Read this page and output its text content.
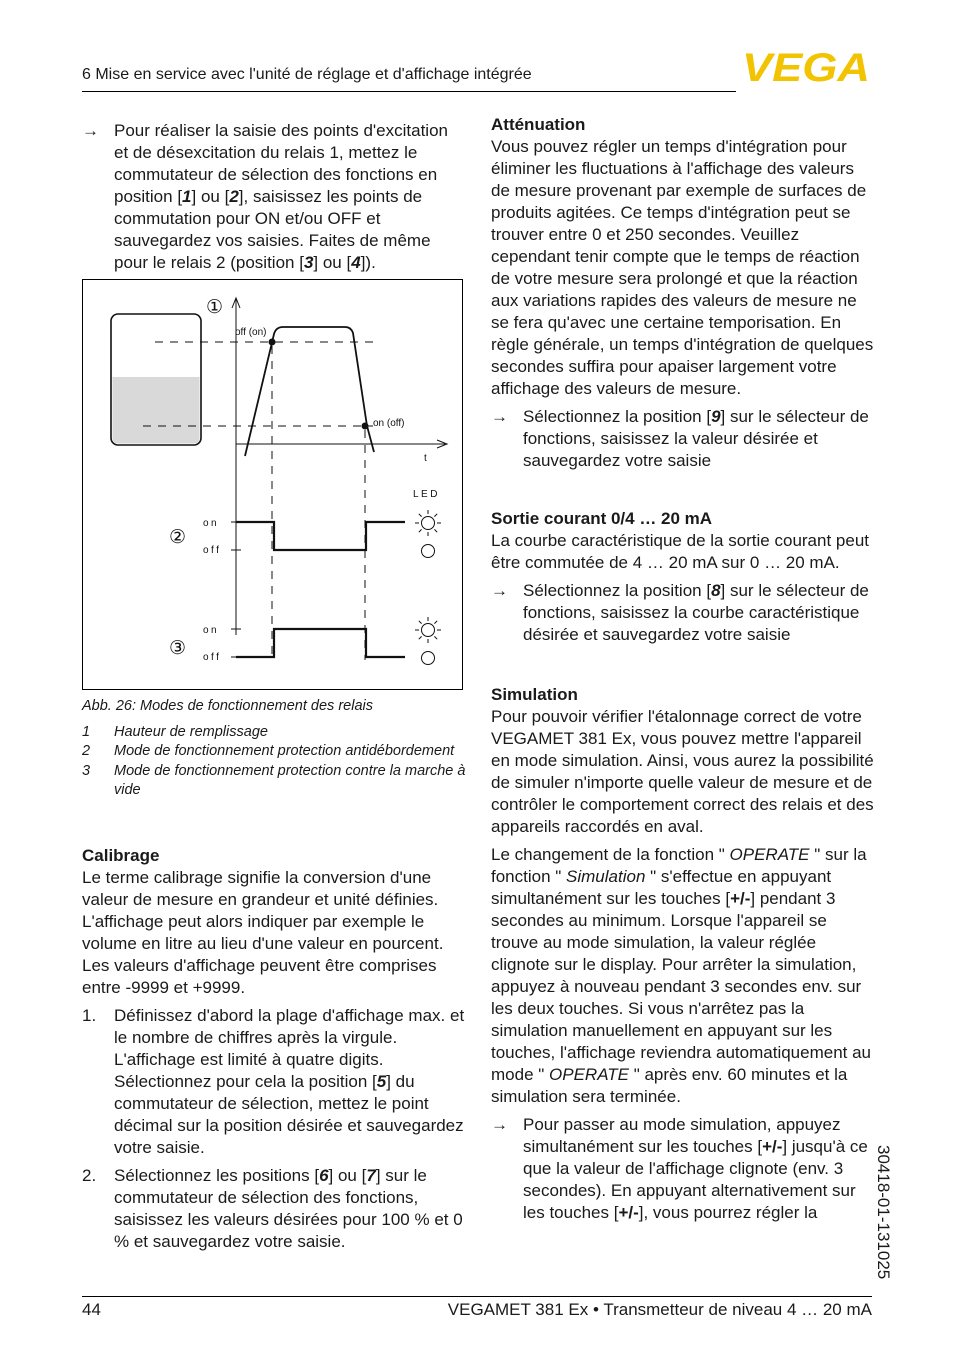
6 Mise en service avec l'unité de réglage et d'affichage intégrée	VEGA
→ Pour réaliser la saisie des points d'excitation et de désexcitation du relais 1, mettez le commutateur de sélection des fonctions en position [1] ou [2], saisissez les points de commutation pour ON et/ou OFF et sauvegardez vos saisies. Faites de même pour le relais 2 (position [3] ou [4]).
t
off (on)
on (off)
①
②
③
LED
on
off
on
off

Abb. 26: Modes de fonctionnement des relais

1 Hauteur de remplissage
2 Mode de fonctionnement protection antidébordement
3 Mode de fonctionnement protection contre la marche à vide

Calibrage

Le terme calibrage signifie la conversion d'une valeur de mesure en grandeur et unité définies. L'affichage peut alors indiquer par exemple le volume en litre au lieu d'une valeur en pourcent. Les valeurs d'affichage peuvent être comprises entre -9999 et +9999.

1. Définissez d'abord la plage d'affichage max. et le nombre de chiffres après la virgule. L'affichage est limité à quatre digits. Sélectionnez pour cela la position [5] du commutateur de sélection, mettez le point décimal sur la position désirée et sauvegardez votre saisie.
2. Sélectionnez les positions [6] ou [7] sur le commutateur de sélection des fonctions, saisissez les valeurs désirées pour 100 % et 0 % et sauvegardez votre saisie.

Atténuation

Vous pouvez régler un temps d'intégration pour éliminer les fluctuations à l'affichage des valeurs de mesure provenant par exemple de surfaces de produits agitées. Ce temps d'intégration peut se trouver entre 0 et 250 secondes. Veuillez cependant tenir compte que le temps de réaction de votre mesure sera prolongé et que la réaction aux variations rapides des valeurs de mesure ne se fera qu'avec une certaine temporisation. En règle générale, un temps d'intégration de quelques secondes suffira pour apaiser largement votre affichage des valeurs de mesure.

→ Sélectionnez la position [9] sur le sélecteur de fonctions, saisissez la valeur désirée et sauvegardez votre saisie

Sortie courant 0/4 … 20 mA

La courbe caractéristique de la sortie courant peut être commutée de 4 … 20 mA sur 0 … 20 mA.

→ Sélectionnez la position [8] sur le sélecteur de fonctions, saisissez la courbe caractéristique désirée et sauvegardez votre saisie

Simulation

Pour pouvoir vérifier l'étalonnage correct de votre VEGAMET 381 Ex, vous pouvez mettre l'appareil en mode simulation. Ainsi, vous aurez la possibilité de simuler n'importe quelle valeur de mesure et de contrôler le comportement correct des relais et des appareils raccordés en aval.

Le changement de la fonction " OPERATE " sur la fonction " Simulation " s'effectue en appuyant simultanément sur les touches [+/-] pendant 3 secondes au minimum. Lorsque l'appareil se trouve au mode simulation, la valeur réglée clignote sur le display. Pour arrêter la simulation, appuyez à nouveau pendant 3 secondes env. sur les deux touches. Si vous n'arrêtez pas la simulation manuellement en appuyant sur les touches, l'affichage reviendra automatiquement au mode " OPERATE " après env. 60 minutes et la simulation sera terminée.

→ Pour passer au mode simulation, appuyez simultanément sur les touches [+/-] jusqu'à ce que la valeur de l'affichage clignote (env. 3 secondes). En appuyant alternativement sur les touches [+/-], vous pourrez régler la	30418-01-131025
44	VEGAMET 381 Ex • Transmetteur de niveau 4 … 20 mA
